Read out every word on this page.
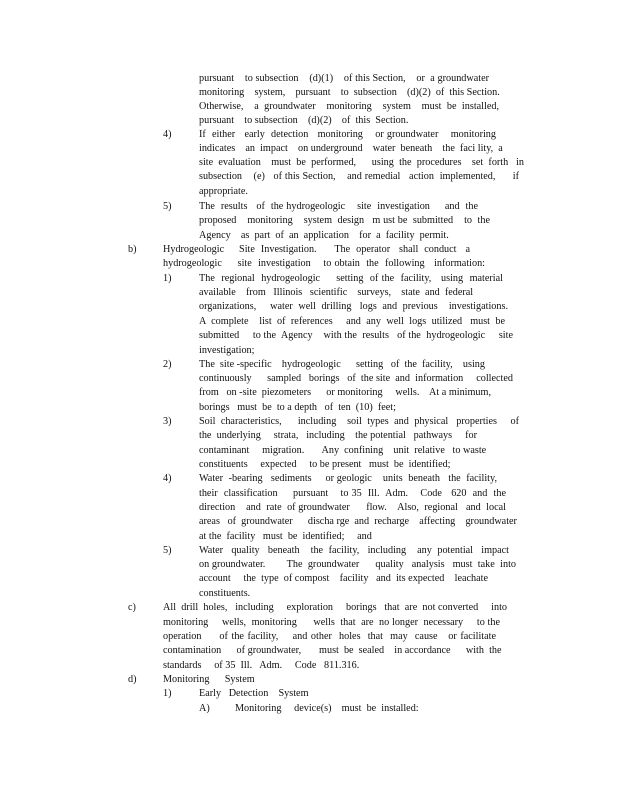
pursuant    to subsection    (d)(1)    of this Section,    or  a groundwater
monitoring    system,    pursuant    to  subsection    (d)(2)  of  this Section.
Otherwise,    a  groundwater    monitoring    system    must  be  installed,
pursuant    to subsection    (d)(2)    of  this  Section.
4)	If  either   early  detection   monitoring    or groundwater    monitoring
indicates    an  impact    on underground    water  beneath    the  faci lity,  a
site  evaluation    must  be  performed,      using  the  procedures    set  forth   in
subsection    (e)   of this Section,    and remedial   action  implemented,      if
appropriate.
5)	The  results   of  the hydrogeologic    site  investigation     and  the
proposed    monitoring    system  design   m ust be  submitted    to  the
Agency    as  part  of  an  application    for  a  facility  permit.
b)	Hydrogeologic     Site  Investigation.      The  operator   shall  conduct   a
hydrogeologic     site  investigation    to obtain  the  following   information:
1)	The  regional  hydrogeologic     setting  of the  facility,   using  material
available    from   Illinois   scientific    surveys,    state  and  federal
organizations,     water  well  drilling   logs  and  previous    investigations.
A  complete    list  of  references     and  any  well  logs  utilized   must  be
submitted     to the  Agency    with the  results   of the  hydrogeologic     site
investigation;
2)	The  site -specific    hydrogeologic      setting   of  the  facility,    using
continuously      sampled   borings   of  the site  and  information     collected
from   on -site  piezometers      or monitoring     wells.    At a minimum,
borings   must  be  to a depth   of  ten  (10)  feet;
3)	Soil  characteristics,      including    soil  types  and  physical   properties     of
the  underlying     strata,   including    the potential   pathways     for
contaminant     migration.       Any  confining    unit  relative   to waste
constituents     expected     to be present   must  be  identified;
4)	Water  -bearing   sediments     or geologic    units  beneath   the  facility,
their  classification     pursuant    to 35  Ill.  Adm.    Code   620  and  the
direction    and  rate  of groundwater      flow.    Also,  regional   and  local
areas   of  groundwater      discha rge  and  recharge    affecting    groundwater
at the  facility   must  be  identified;     and
5)	Water   quality   beneath    the  facility,   including    any  potential   impact
on groundwater.        The  groundwater      quality   analysis   must  take  into
account     the  type  of compost    facility   and  its expected    leachate
constituents.
c)	All  drill  holes,   including     exploration     borings   that  are  not converted     into
monitoring     wells,  monitoring      wells  that  are  no longer  necessary     to the
operation     of the facility,    and other  holes  that  may  cause   or facilitate
contamination      of groundwater,       must  be  sealed    in accordance      with  the
standards     of 35  Ill.   Adm.     Code   811.316.
d)	Monitoring      System
1)	Early   Detection    System
A) Monitoring     device(s)    must  be  installed:
